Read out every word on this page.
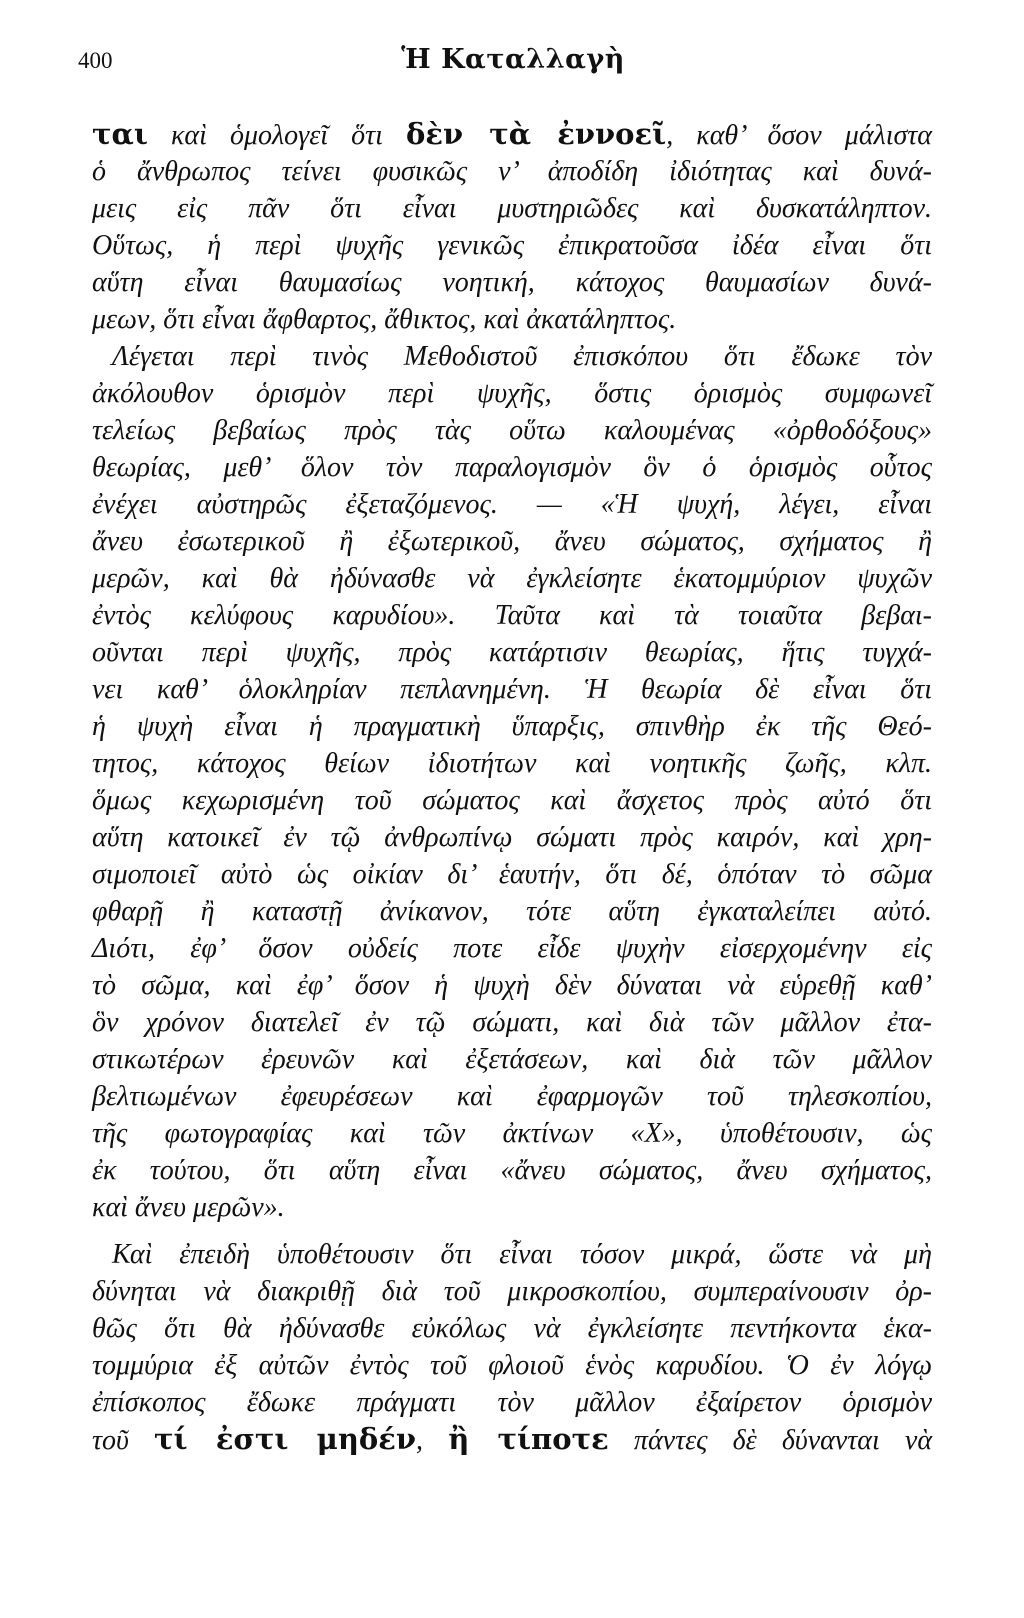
400	Ἡ Καταλλαγὴ
ται καὶ ὁμολογεῖ ὅτι δὲν τὰ ἐννοεῖ, καθ’ ὅσον μάλιστα
ὁ ἄνθρωπος τείνει φυσικῶς ν’ ἀποδίδη ἰδιότητας καὶ δυνά-
μεις εἰς πᾶν ὅτι εἶναι μυστηριῶδες καὶ δυσκατάληπτον.
Οὕτως, ἡ περὶ ψυχῆς γενικῶς ἐπικρατοῦσα ἰδέα εἶναι ὅτι
αὕτη εἶναι θαυμασίως νοητική, κάτοχος θαυμασίων δυνά-
μεων, ὅτι εἶναι ἄφθαρτος, ἄθικτος, καὶ ἀκατάληπτος.
Λέγεται περὶ τινὸς Μεθοδιστοῦ ἐπισκόπου ὅτι ἔδωκε τὸν
ἀκόλουθον ὁρισμὸν περὶ ψυχῆς, ὅστις ὁρισμὸς συμφωνεῖ
τελείως βεβαίως πρὸς τὰς οὕτω καλουμένας «ὀρθοδόξους»
θεωρίας, μεθ’ ὅλον τὸν παραλογισμὸν ὃν ὁ ὁρισμὸς οὗτος
ἐνέχει αὐστηρῶς ἐξεταζόμενος. — «Ἡ ψυχή, λέγει, εἶναι
ἄνευ ἐσωτερικοῦ ἢ ἐξωτερικοῦ, ἄνευ σώματος, σχήματος ἢ
μερῶν, καὶ θὰ ἠδύνασθε νὰ ἐγκλείσητε ἑκατομμύριον ψυχῶν
ἐντὸς κελύφους καρυδίου». Ταῦτα καὶ τὰ τοιαῦτα βεβαι-
οῦνται περὶ ψυχῆς, πρὸς κατάρτισιν θεωρίας, ἥτις τυγχά-
νει καθ’ ὁλοκληρίαν πεπλανημένη. Ἡ θεωρία δὲ εἶναι ὅτι
ἡ ψυχὴ εἶναι ἡ πραγματικὴ ὕπαρξις, σπινθὴρ ἐκ τῆς Θεό-
τητος, κάτοχος θείων ἰδιοτήτων καὶ νοητικῆς ζωῆς, κλπ.
ὅμως κεχωρισμένη τοῦ σώματος καὶ ἄσχετος πρὸς αὐτό ὅτι
αὕτη κατοικεῖ ἐν τῷ ἀνθρωπίνῳ σώματι πρὸς καιρόν, καὶ χρη-
σιμοποιεῖ αὐτὸ ὡς οἰκίαν δι’ ἑαυτήν, ὅτι δέ, ὁπόταν τὸ σῶμα
φθαρῇ ἢ καταστῇ ἀνίκανον, τότε αὕτη ἐγκαταλείπει αὐτό.
Διότι, ἐφ’ ὅσον οὐδείς ποτε εἶδε ψυχὴν εἰσερχομένην εἰς
τὸ σῶμα, καὶ ἐφ’ ὅσον ἡ ψυχὴ δὲν δύναται νὰ εὑρεθῇ καθ’
ὃν χρόνον διατελεῖ ἐν τῷ σώματι, καὶ διὰ τῶν μᾶλλον ἐτα-
στικωτέρων ἐρευνῶν καὶ ἐξετάσεων, καὶ διὰ τῶν μᾶλλον
βελτιωμένων ἐφευρέσεων καὶ ἐφαρμογῶν τοῦ τηλεσκοπίου,
τῆς φωτογραφίας καὶ τῶν ἀκτίνων «Χ», ὑποθέτουσιν, ὡς
ἐκ τούτου, ὅτι αὕτη εἶναι «ἄνευ σώματος, ἄνευ σχήματος,
καὶ ἄνευ μερῶν».
Καὶ ἐπειδὴ ὑποθέτουσιν ὅτι εἶναι τόσον μικρά, ὥστε νὰ μὴ
δύνηται νὰ διακριθῇ διὰ τοῦ μικροσκοπίου, συμπεραίνουσιν ὀρ-
θῶς ὅτι θὰ ἠδύνασθε εὐκόλως νὰ ἐγκλείσητε πεντήκοντα ἑκα-
τομμύρια ἐξ αὐτῶν ἐντὸς τοῦ φλοιοῦ ἑνὸς καρυδίου. Ὁ ἐν λόγῳ
ἐπίσκοπος ἔδωκε πράγματι τὸν μᾶλλον ἐξαίρετον ὁρισμὸν
τοῦ τί ἐστι μηδέν, ἢ τίποτε πάντες δὲ δύνανται νὰ
